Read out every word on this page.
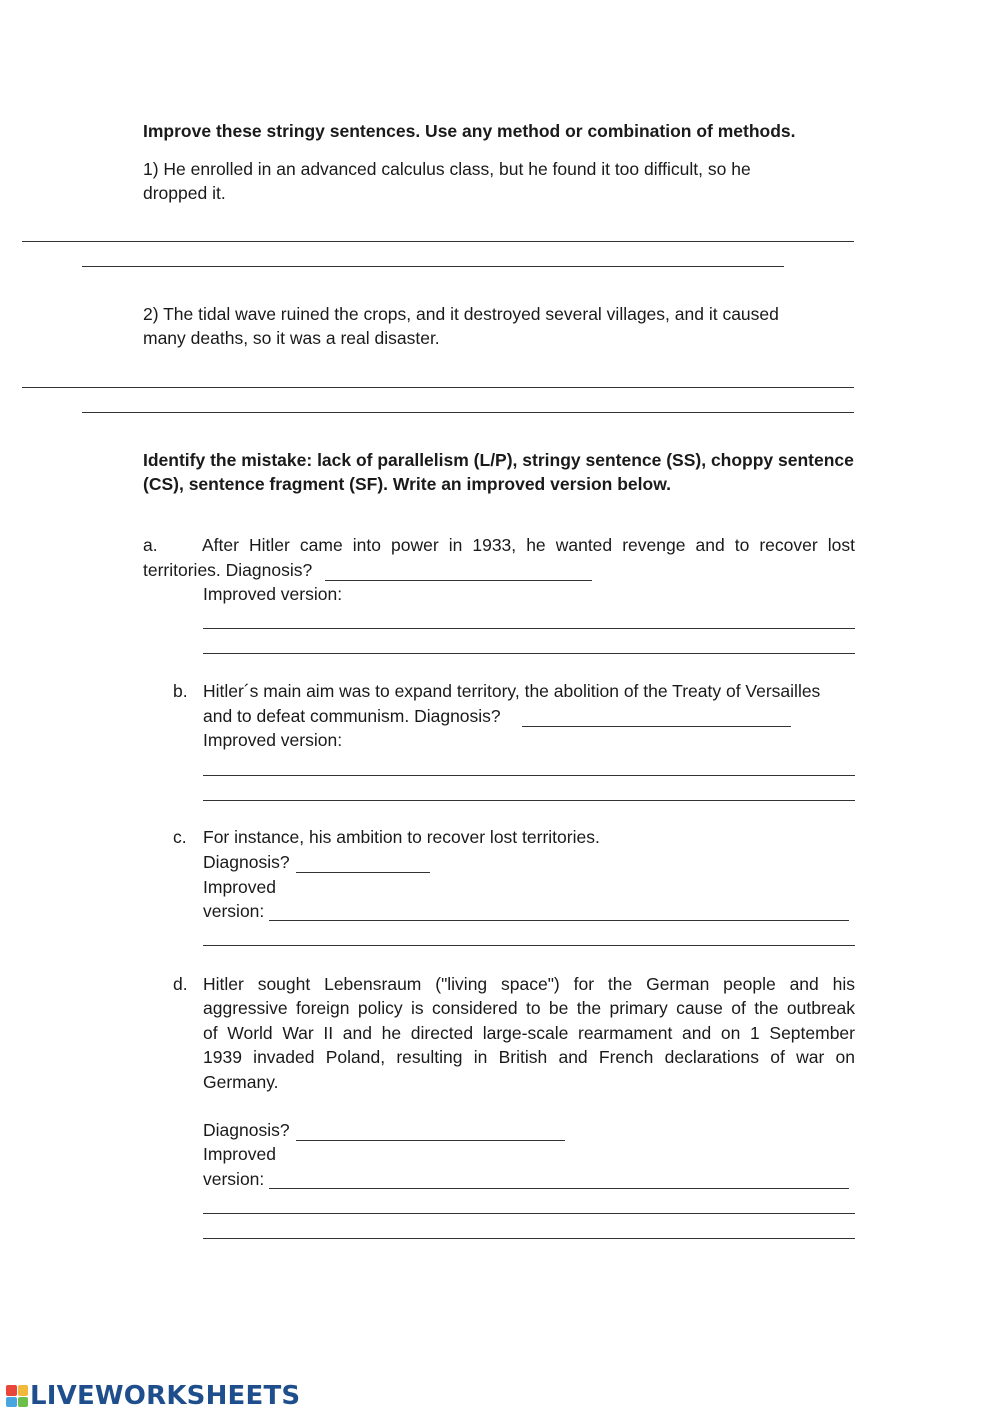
Improve these stringy sentences. Use any method or combination of methods.
1) He enrolled in an advanced calculus class, but he found it too difficult, so he
dropped it.
2) The tidal wave ruined the crops, and it destroyed several villages, and it caused
many deaths, so it was a real disaster.
Identify the mistake: lack of parallelism (L/P), stringy sentence (SS), choppy sentence
(CS), sentence fragment (SF). Write an improved version below.
a.	After Hitler came into power in 1933, he wanted revenge and to recover lost
territories. Diagnosis?
Improved version:
b. Hitler´s main aim was to expand territory, the abolition of the Treaty of Versailles
and to defeat communism. Diagnosis?
Improved version:
c. For instance, his ambition to recover lost territories.
Diagnosis?
Improved
version:
d. Hitler sought Lebensraum ("living space") for the German people and his
aggressive foreign policy is considered to be the primary cause of the outbreak
of World War II and he directed large-scale rearmament and on 1 September
1939 invaded Poland, resulting in British and French declarations of war on
Germany.
Diagnosis?
Improved
version:
LIVEWORKSHEETS
